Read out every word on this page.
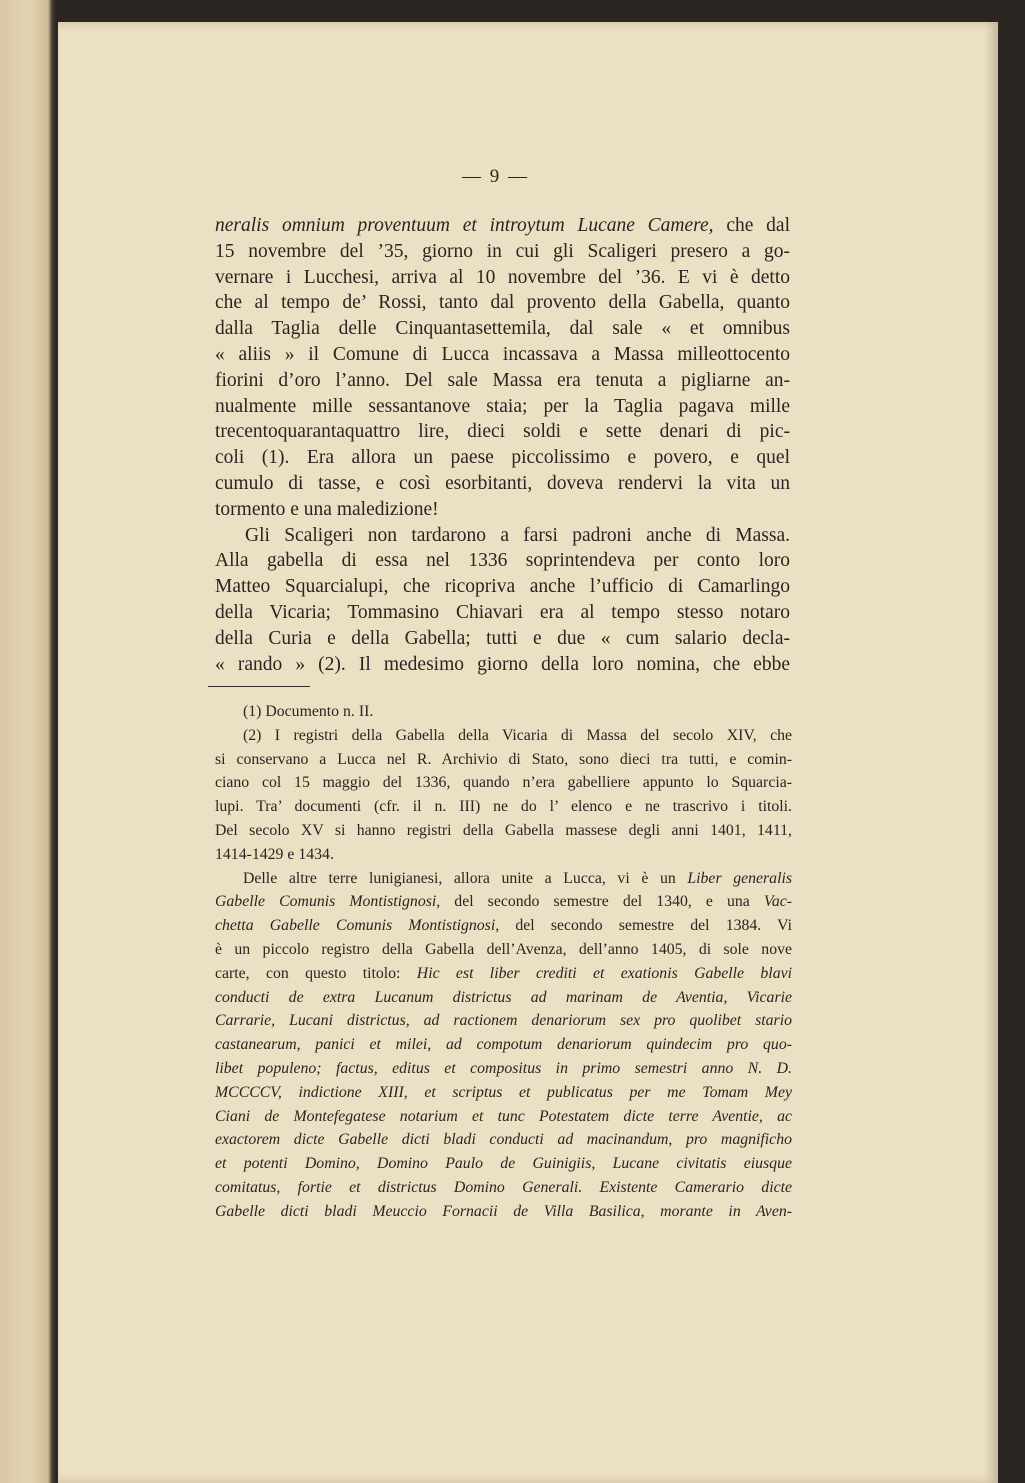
— 9 —
neralis omnium proventuum et introytum Lucane Camere, che dal
15 novembre del ’35, giorno in cui gli Scaligeri presero a go-
vernare i Lucchesi, arriva al 10 novembre del ’36. E vi è detto
che al tempo de’ Rossi, tanto dal provento della Gabella, quanto
dalla Taglia delle Cinquantasettemila, dal sale « et omnibus
« aliis » il Comune di Lucca incassava a Massa milleottocento
fiorini d’oro l’anno. Del sale Massa era tenuta a pigliarne an-
nualmente mille sessantanove staia; per la Taglia pagava mille
trecentoquarantaquattro lire, dieci soldi e sette denari di pic-
coli (1). Era allora un paese piccolissimo e povero, e quel
cumulo di tasse, e così esorbitanti, doveva rendervi la vita un
tormento e una maledizione!
Gli Scaligeri non tardarono a farsi padroni anche di Massa.
Alla gabella di essa nel 1336 soprintendeva per conto loro
Matteo Squarcialupi, che ricopriva anche l’ufficio di Camarlingo
della Vicaria; Tommasino Chiavari era al tempo stesso notaro
della Curia e della Gabella; tutti e due « cum salario decla-
« rando » (2). Il medesimo giorno della loro nomina, che ebbe
(1) Documento n. II.
(2) I registri della Gabella della Vicaria di Massa del secolo XIV, che
si conservano a Lucca nel R. Archivio di Stato, sono dieci tra tutti, e comin-
ciano col 15 maggio del 1336, quando n’era gabelliere appunto lo Squarcia-
lupi. Tra’ documenti (cfr. il n. III) ne do l’ elenco e ne trascrivo i titoli.
Del secolo XV si hanno registri della Gabella massese degli anni 1401, 1411,
1414-1429 e 1434.
Delle altre terre lunigianesi, allora unite a Lucca, vi è un Liber generalis
Gabelle Comunis Montistignosi, del secondo semestre del 1340, e una Vac-
chetta Gabelle Comunis Montistignosi, del secondo semestre del 1384. Vi
è un piccolo registro della Gabella dell’Avenza, dell’anno 1405, di sole nove
carte, con questo titolo: Hic est liber crediti et exationis Gabelle blavi
conducti de extra Lucanum districtus ad marinam de Aventia, Vicarie
Carrarie, Lucani districtus, ad ractionem denariorum sex pro quolibet stario
castanearum, panici et milei, ad compotum denariorum quindecim pro quo-
libet populeno; factus, editus et compositus in primo semestri anno N. D.
MCCCCV, indictione XIII, et scriptus et publicatus per me Tomam Mey
Ciani de Montefegatese notarium et tunc Potestatem dicte terre Aventie, ac
exactorem dicte Gabelle dicti bladi conducti ad macinandum, pro magnificho
et potenti Domino, Domino Paulo de Guinigiis, Lucane civitatis eiusque
comitatus, fortie et districtus Domino Generali. Existente Camerario dicte
Gabelle dicti bladi Meuccio Fornacii de Villa Basilica, morante in Aven-
